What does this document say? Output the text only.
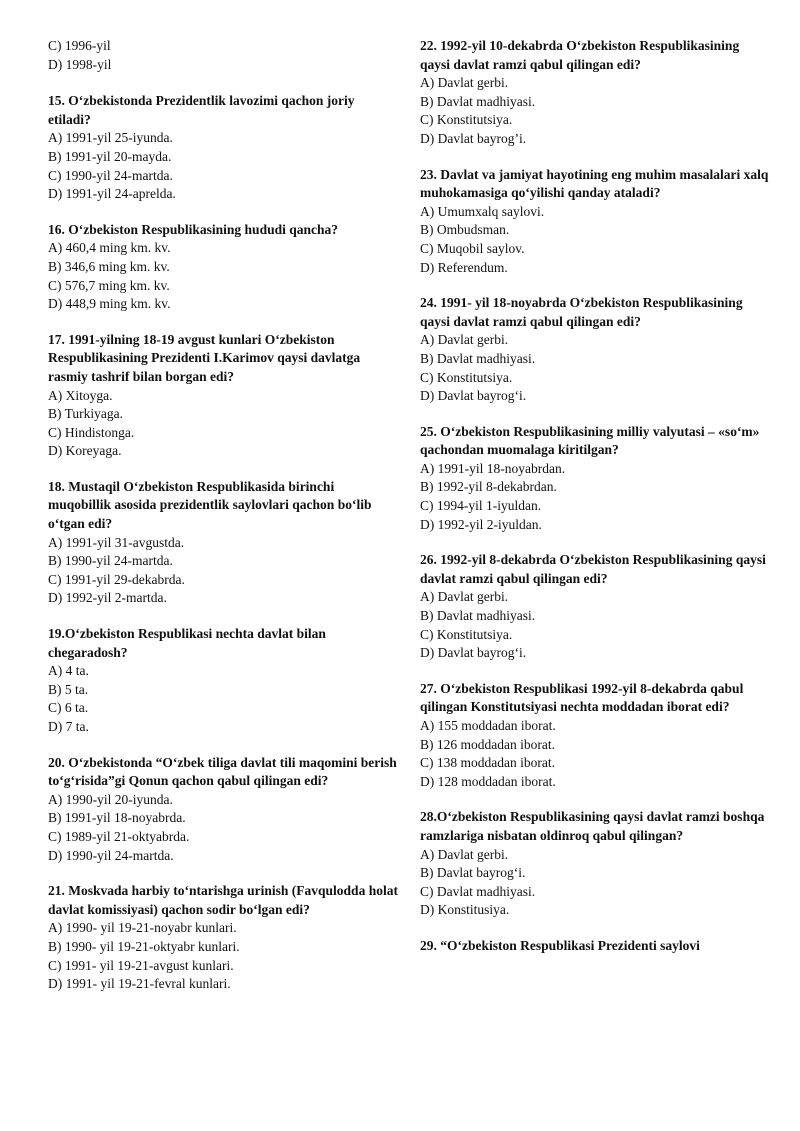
C) 1996-yil
D) 1998-yil
15. O‘zbekistonda Prezidentlik lavozimi qachon joriy etiladi?
A) 1991-yil 25-iyunda.
B) 1991-yil 20-mayda.
C) 1990-yil 24-martda.
D) 1991-yil 24-aprelda.
16. O‘zbekiston Respublikasining hududi qancha?
A) 460,4 ming km. kv.
B) 346,6 ming km. kv.
C) 576,7 ming km. kv.
D) 448,9 ming km. kv.
17. 1991-yilning 18-19 avgust kunlari O‘zbekiston Respublikasining Prezidenti I.Karimov qaysi davlatga rasmiy tashrif bilan borgan edi?
A) Xitoyga.
B) Turkiyaga.
C) Hindistonga.
D) Koreyaga.
18. Mustaqil O‘zbekiston Respublikasida birinchi muqobillik asosida prezidentlik saylovlari qachon bo‘lib o‘tgan edi?
A) 1991-yil 31-avgustda.
B) 1990-yil 24-martda.
C) 1991-yil 29-dekabrda.
D) 1992-yil 2-martda.
19.O‘zbekiston Respublikasi nechta davlat bilan chegaradosh?
A) 4 ta.
B) 5 ta.
C) 6 ta.
D) 7 ta.
20. O‘zbekistonda “O‘zbek tiliga davlat tili maqomini berish to‘g‘risida”gi Qonun qachon qabul qilingan edi?
A) 1990-yil 20-iyunda.
B) 1991-yil 18-noyabrda.
C) 1989-yil 21-oktyabrda.
D) 1990-yil 24-martda.
21. Moskvada harbiy to‘ntarishga urinish (Favqulodda holat davlat komissiyasi) qachon sodir bo‘lgan edi?
A) 1990- yil 19-21-noyabr kunlari.
B) 1990- yil 19-21-oktyabr kunlari.
C) 1991- yil 19-21-avgust kunlari.
D) 1991- yil 19-21-fevral kunlari.
22. 1992-yil 10-dekabrda O‘zbekiston Respublikasining qaysi davlat ramzi qabul qilingan edi?
A) Davlat gerbi.
B) Davlat madhiyasi.
C) Konstitutsiya.
D) Davlat bayrog’i.
23. Davlat va jamiyat hayotining eng muhim masalalari xalq muhokamasiga qo‘yilishi qanday ataladi?
A) Umumxalq saylovi.
B) Ombudsman.
C) Muqobil saylov.
D) Referendum.
24. 1991- yil 18-noyabrda O‘zbekiston Respublikasining qaysi davlat ramzi qabul qilingan edi?
A) Davlat gerbi.
B) Davlat madhiyasi.
C) Konstitutsiya.
D) Davlat bayrog‘i.
25. O‘zbekiston Respublikasining milliy valyutasi – «so‘m» qachondan muomalaga kiritilgan?
A) 1991-yil 18-noyabrdan.
B) 1992-yil 8-dekabrdan.
C) 1994-yil 1-iyuldan.
D) 1992-yil 2-iyuldan.
26. 1992-yil 8-dekabrda O‘zbekiston Respublikasining qaysi davlat ramzi qabul qilingan edi?
A) Davlat gerbi.
B) Davlat madhiyasi.
C) Konstitutsiya.
D) Davlat bayrog‘i.
27. O‘zbekiston Respublikasi 1992-yil 8-dekabrda qabul qilingan Konstitutsiyasi nechta moddadan iborat edi?
A) 155 moddadan iborat.
B) 126 moddadan iborat.
C) 138 moddadan iborat.
D) 128 moddadan iborat.
28.O‘zbekiston Respublikasining qaysi davlat ramzi boshqa ramzlariga nisbatan oldinroq qabul qilingan?
A) Davlat gerbi.
B) Davlat bayrog‘i.
C) Davlat madhiyasi.
D) Konstitusiya.
29. “O‘zbekiston Respublikasi Prezidenti saylovi
